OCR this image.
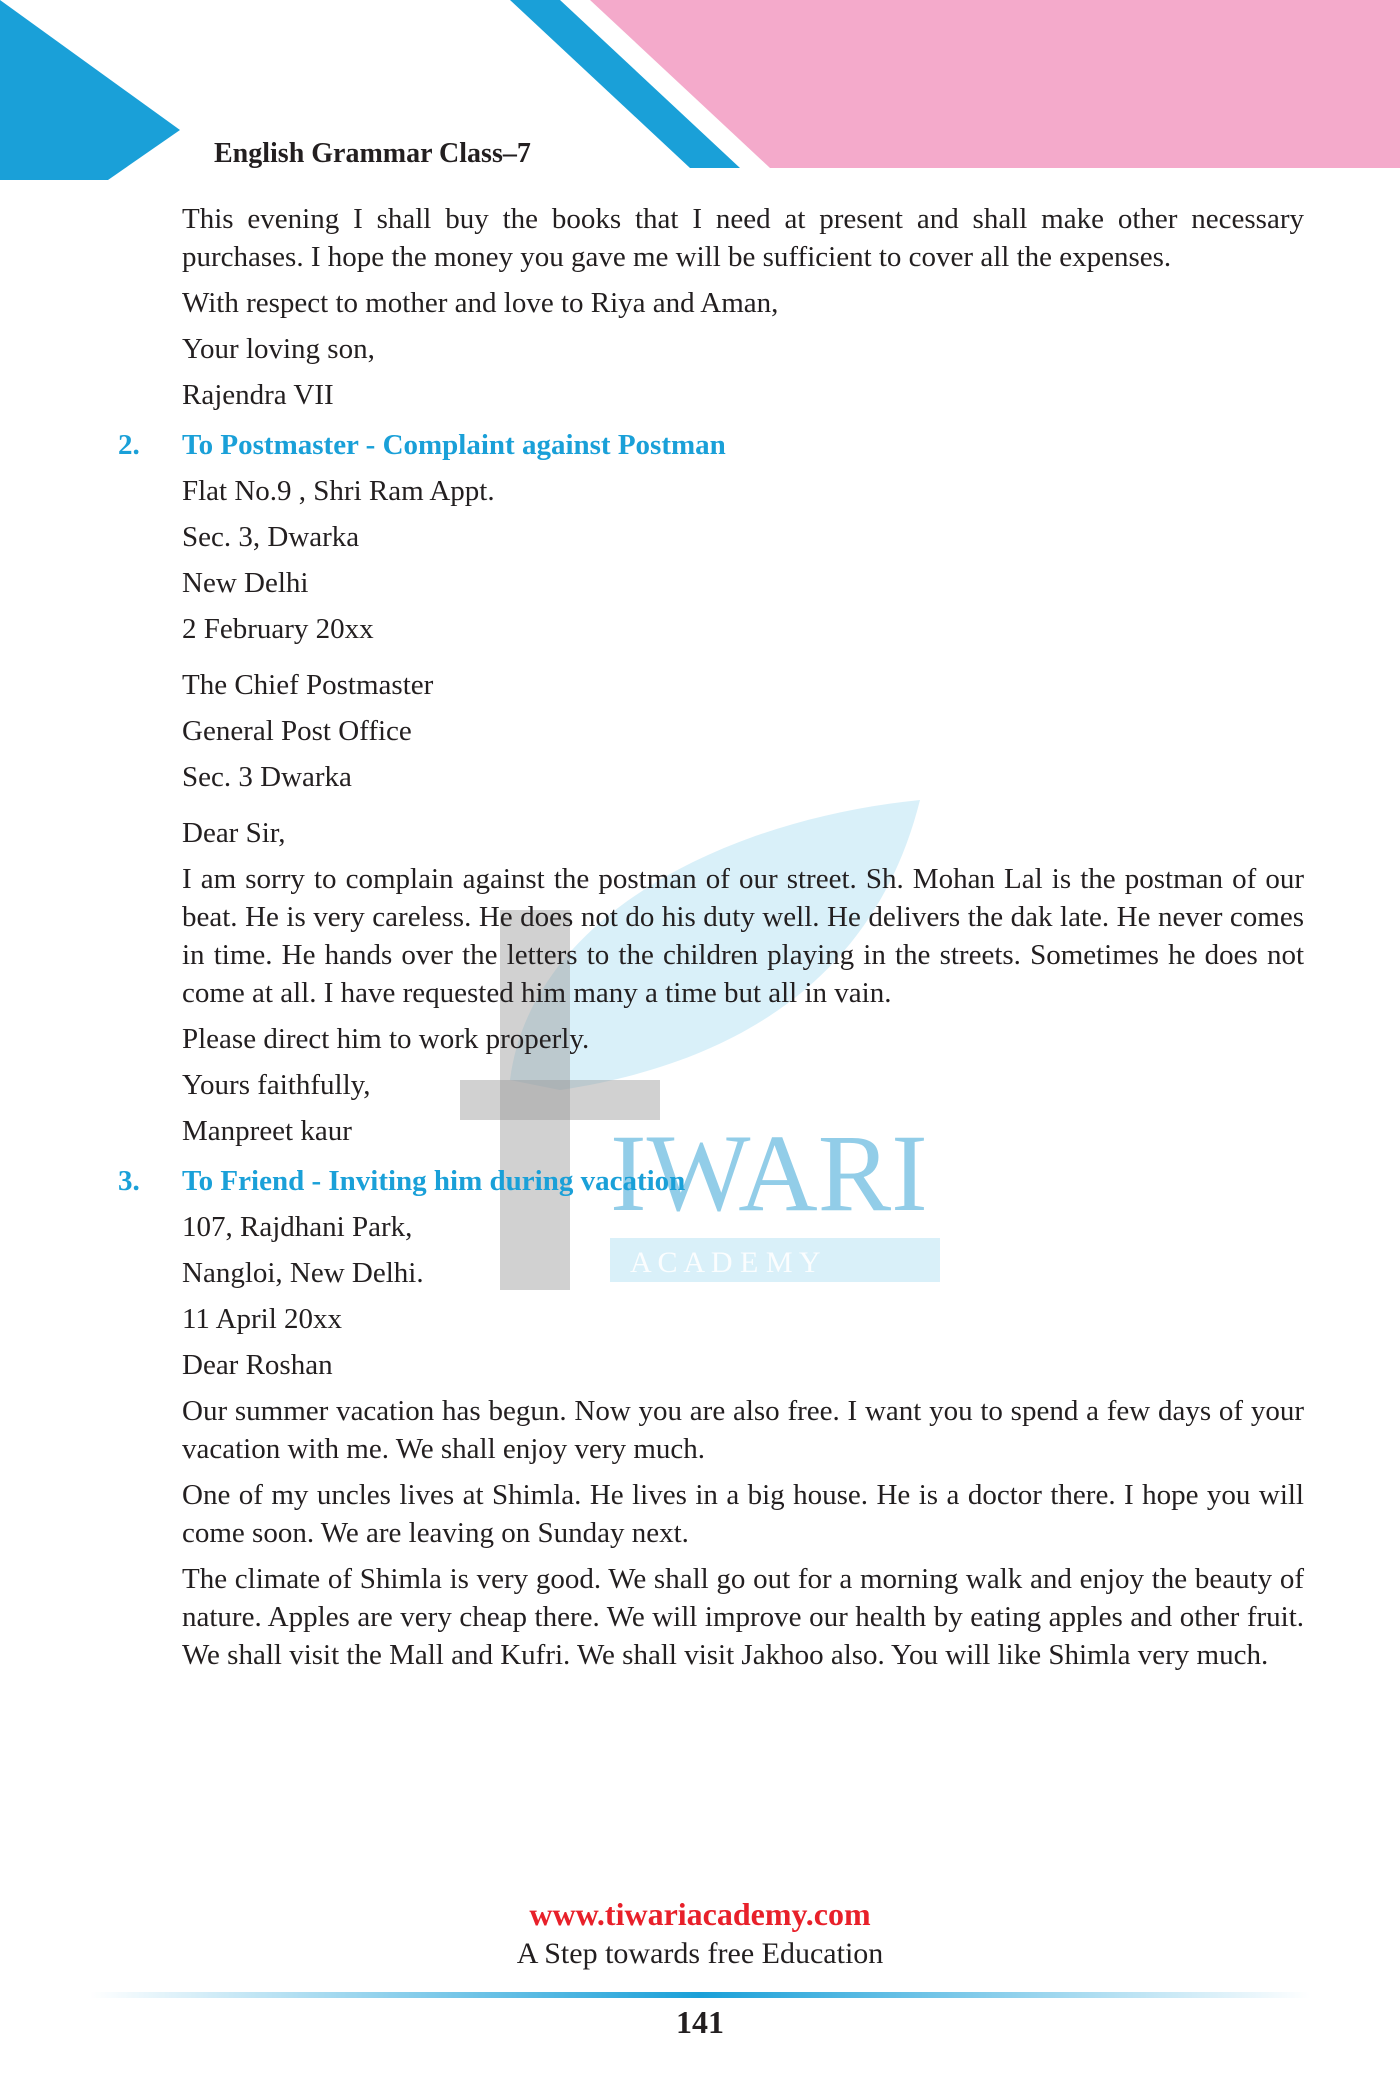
IWARI
A C A D E M Y
English Grammar Class–7

This evening I shall buy the books that I need at present and shall make other necessary purchases. I hope the money you gave me will be sufficient to cover all the expenses.

With respect to mother and love to Riya and Aman,

Your loving son,

Rajendra VII

2.	To Postmaster - Complaint against Postman

Flat No.9 , Shri Ram Appt.

Sec. 3, Dwarka

New Delhi

2 February 20xx

The Chief Postmaster

General Post Office

Sec. 3 Dwarka

Dear Sir,

I am sorry to complain against the postman of our street. Sh. Mohan Lal is the postman of our beat. He is very careless. He does not do his duty well. He delivers the dak late. He never comes in time. He hands over the letters to the children playing in the streets. Sometimes he does not come at all. I have requested him many a time but all in vain.

Please direct him to work properly.

Yours faithfully,

Manpreet kaur

3.	To Friend - Inviting him during vacation

107, Rajdhani Park,

Nangloi, New Delhi.

11 April 20xx

Dear Roshan

Our summer vacation has begun. Now you are also free. I want you to spend a few days of your vacation with me. We shall enjoy very much.

One of my uncles lives at Shimla. He lives in a big house. He is a doctor there. I hope you will come soon. We are leaving on Sunday next.

The climate of Shimla is very good. We shall go out for a morning walk and enjoy the beauty of nature. Apples are very cheap there. We will improve our health by eating apples and other fruit. We shall visit the Mall and Kufri. We shall visit Jakhoo also. You will like Shimla very much.

www.tiwariacademy.com
A Step towards free Education
141
